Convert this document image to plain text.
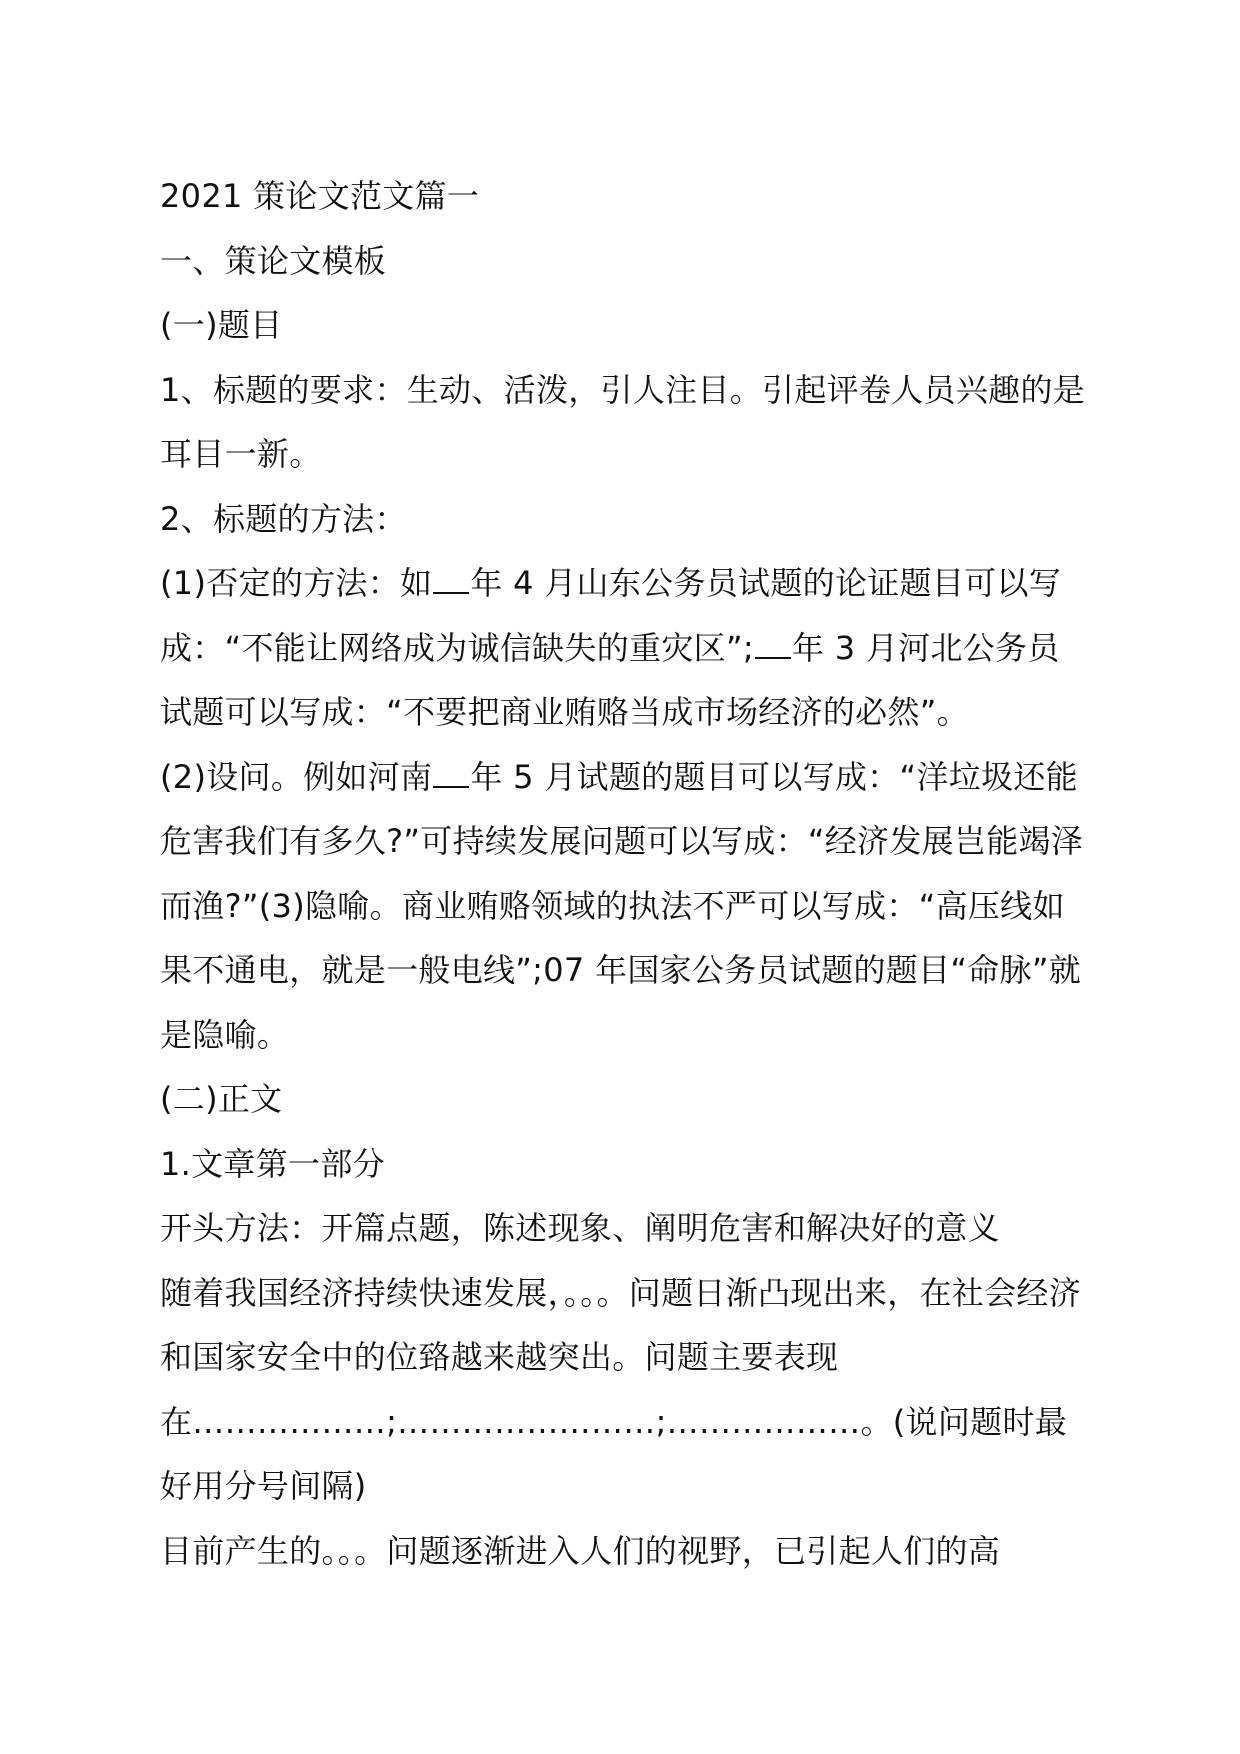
2021 策论文范文篇一

一、策论文模板

(一)题目

1、标题的要求：生动、活泼，引人注目。引起评卷人员兴趣的是耳目一新。

2、标题的方法：

(1)否定的方法：如 年 4 月山东公务员试题的论证题目可以写成：“不能让网络成为诚信缺失的重灾区”; 年 3 月河北公务员试题可以写成：“不要把商业贿赂当成市场经济的必然”。

(2)设问。例如河南 年 5 月试题的题目可以写成：“洋垃圾还能危害我们有多久?”可持续发展问题可以写成：“经济发展岂能竭泽而渔?”(3)隐喻。商业贿赂领域的执法不严可以写成：“高压线如果不通电，就是一般电线”;07 年国家公务员试题的题目“命脉”就是隐喻。

(二)正文

1.文章第一部分

开头方法：开篇点题，陈述现象、阐明危害和解决好的意义

随着我国经济持续快速发展，。。。问题日渐凸现出来，在社会经济和国家安全中的位臵越来越突出。问题主要表现在………………;……………………;………………。(说问题时最好用分号间隔)

目前产生的。。。问题逐渐进入人们的视野，已引起人们的高
